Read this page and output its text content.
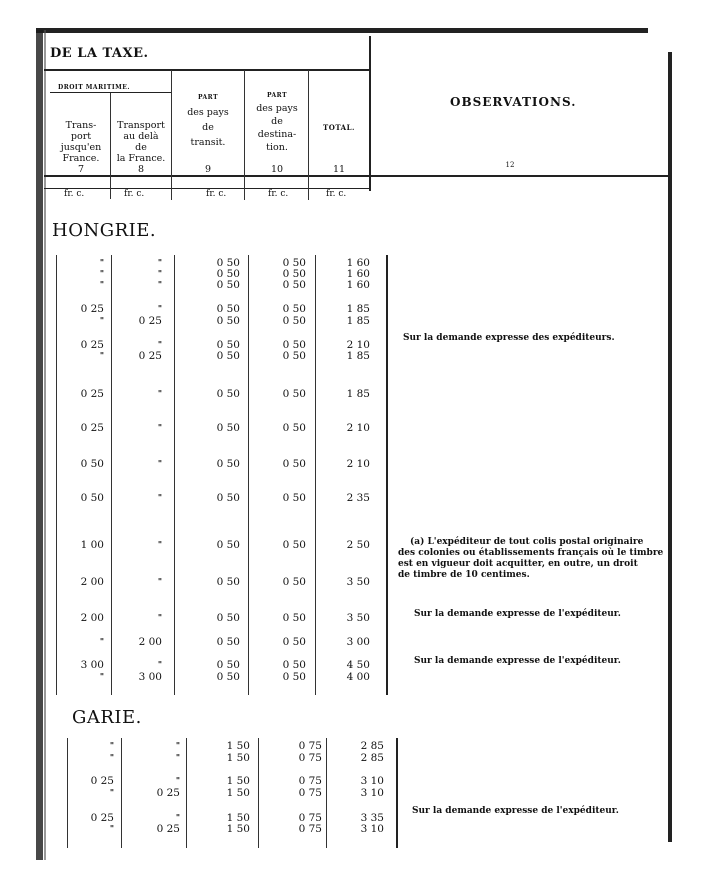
DE LA TAXE.
DROIT MARITIME.
Trans-
port
jusqu'en
France.
Transport
au delà
de
la France.
PART
des pays
de
transit.
PART
des pays
de
destina-
tion.
TOTAL.
OBSERVATIONS.
7	8	9	10	11	12
fr. c.	fr. c.	fr. c.	fr. c.	fr. c.
HONGRIE.
GARIE.
"	"	0 50	0 50	1 60
"	"	0 50	0 50	1 60
"	"	0 50	0 50	1 60
0 25	"	0 50	0 50	1 85
"	0 25	0 50	0 50	1 85
0 25	"	0 50	0 50	2 10
"	0 25	0 50	0 50	1 85
0 25	"	0 50	0 50	1 85
0 25	"	0 50	0 50	2 10
0 50	"	0 50	0 50	2 10
0 50	"	0 50	0 50	2 35
1 00	"	0 50	0 50	2 50
2 00	"	0 50	0 50	3 50
2 00	"	0 50	0 50	3 50
"	2 00	0 50	0 50	3 00
3 00	"	0 50	0 50	4 50
"	3 00	0 50	0 50	4 00
"	"	1 50	0 75	2 85
"	"	1 50	0 75	2 85
0 25	"	1 50	0 75	3 10
"	0 25	1 50	0 75	3 10
0 25	"	1 50	0 75	3 35
"	0 25	1 50	0 75	3 10
Sur la demande expresse des expéditeurs.
(a) L'expéditeur de tout colis postal originaire
des colonies ou établissements français où le timbre
est en vigueur doit acquitter, en outre, un droit
de timbre de 10 centimes.
Sur la demande expresse de l'expéditeur.
Sur la demande expresse de l'expéditeur.
Sur la demande expresse de l'expéditeur.
